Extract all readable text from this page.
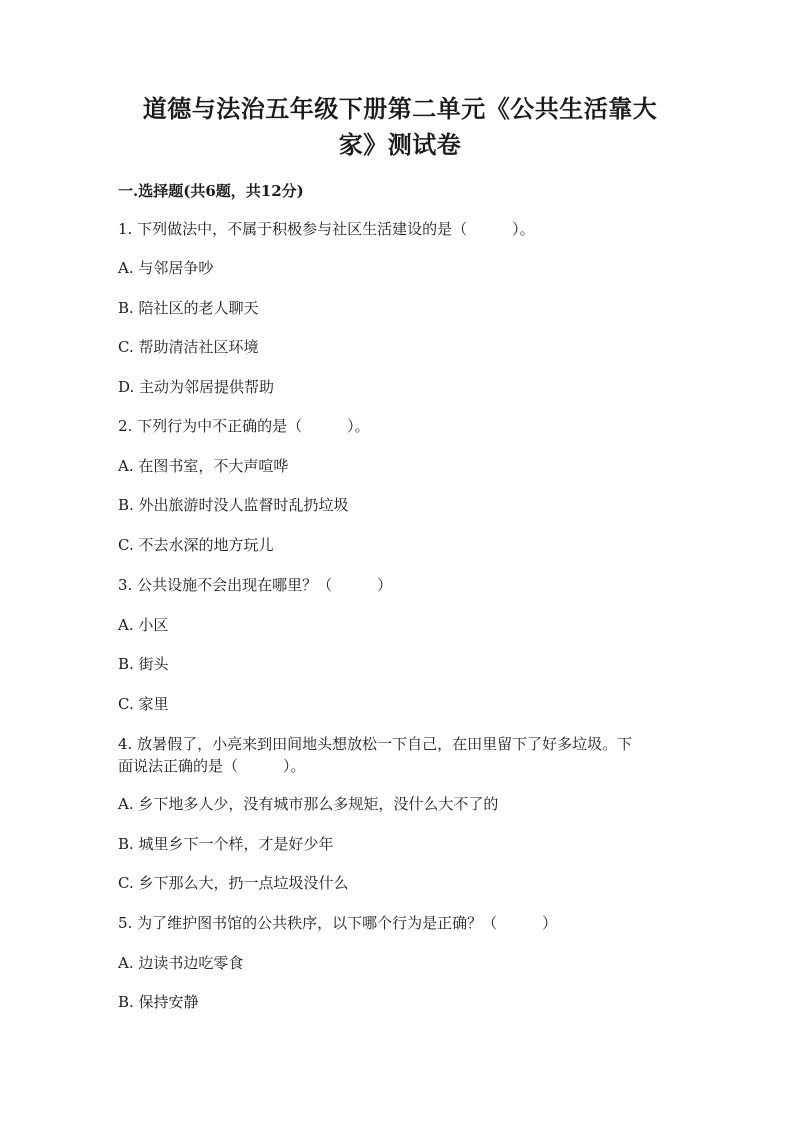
道德与法治五年级下册第二单元《公共生活靠大
家》测试卷
一.选择题(共6题，共12分)
1. 下列做法中，不属于积极参与社区生活建设的是（　　　）。
A. 与邻居争吵
B. 陪社区的老人聊天
C. 帮助清洁社区环境
D. 主动为邻居提供帮助
2. 下列行为中不正确的是（　　　）。
A. 在图书室，不大声喧哗
B. 外出旅游时没人监督时乱扔垃圾
C. 不去水深的地方玩儿
3. 公共设施不会出现在哪里？（　　　）
A. 小区
B. 街头
C. 家里
4. 放暑假了，小亮来到田间地头想放松一下自己，在田里留下了好多垃圾。下
面说法正确的是（　　　）。
A. 乡下地多人少，没有城市那么多规矩，没什么大不了的
B. 城里乡下一个样，才是好少年
C. 乡下那么大，扔一点垃圾没什么
5. 为了维护图书馆的公共秩序，以下哪个行为是正确？（　　　）
A. 边读书边吃零食
B. 保持安静
